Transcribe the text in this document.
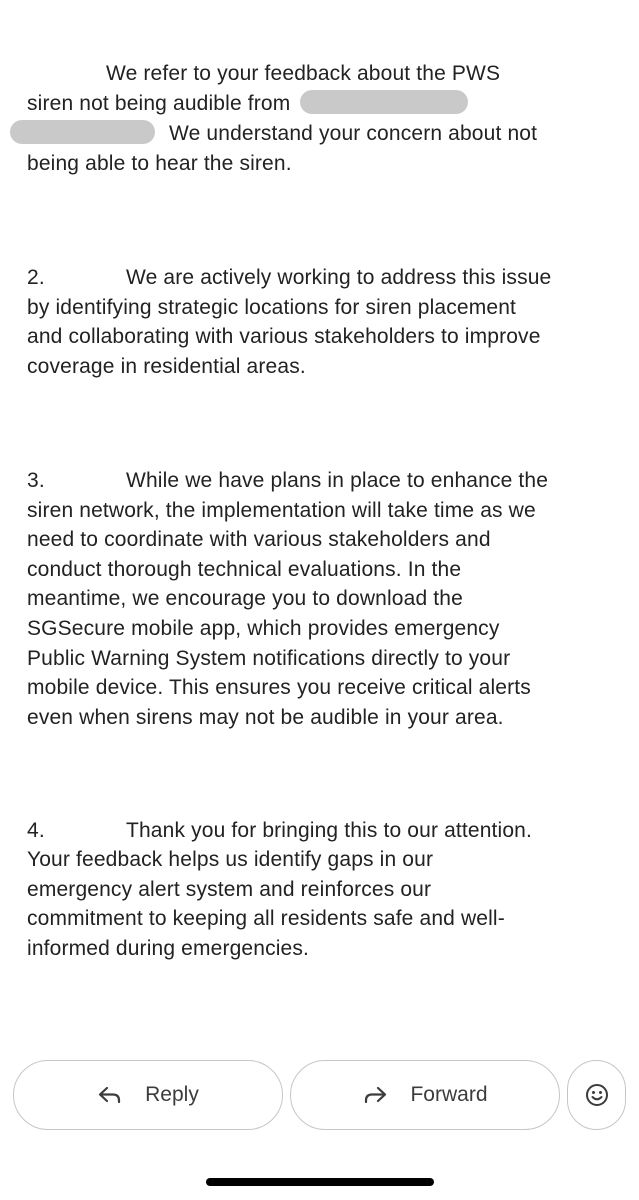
We refer to your feedback about the PWS
siren not being audible from
We understand your concern about not
being able to hear the siren.
2.	We are actively working to address this issue
by identifying strategic locations for siren placement
and collaborating with various stakeholders to improve
coverage in residential areas.
3.	While we have plans in place to enhance the
siren network, the implementation will take time as we
need to coordinate with various stakeholders and
conduct thorough technical evaluations. In the
meantime, we encourage you to download the
SGSecure mobile app, which provides emergency
Public Warning System notifications directly to your
mobile device. This ensures you receive critical alerts
even when sirens may not be audible in your area.
4.	Thank you for bringing this to our attention.
Your feedback helps us identify gaps in our
emergency alert system and reinforces our
commitment to keeping all residents safe and well-
informed during emergencies.
Reply	Forward
